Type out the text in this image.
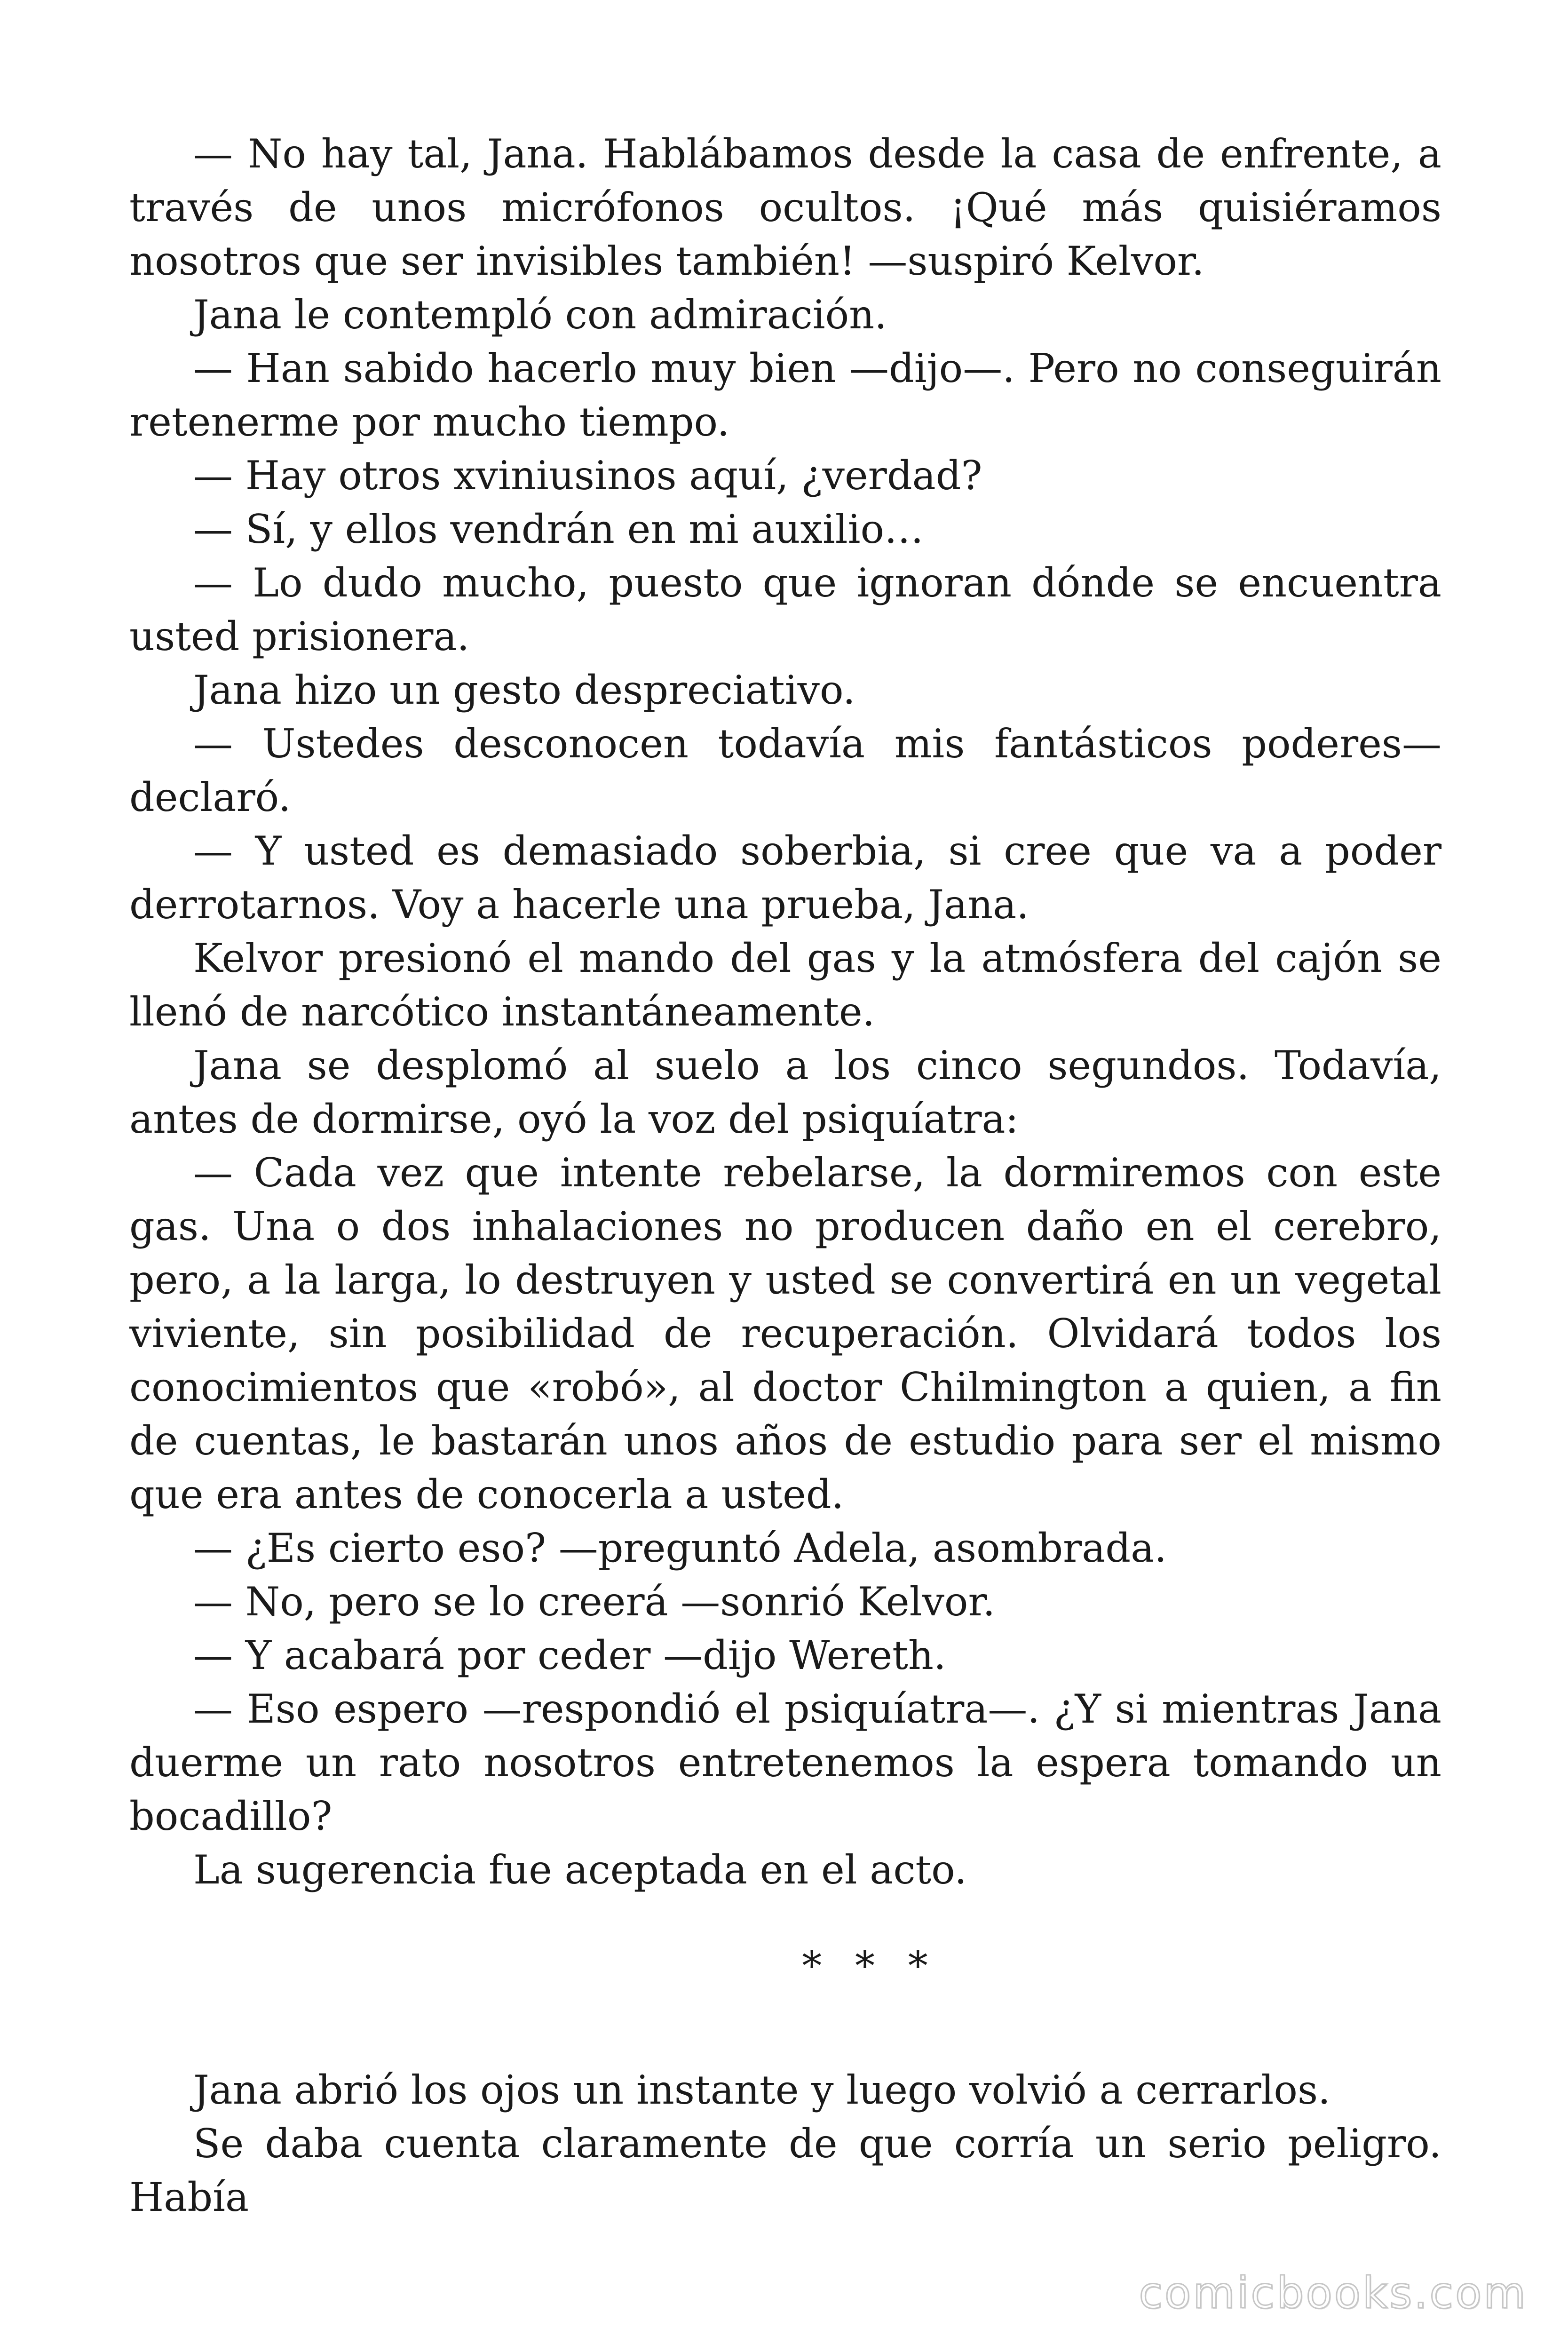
— No hay tal, Jana. Hablábamos desde la casa de enfrente, a través de unos micrófonos ocultos. ¡Qué más quisiéramos nosotros que ser invisibles también! —suspiró Kelvor.

Jana le contempló con admiración.

— Han sabido hacerlo muy bien —dijo—. Pero no conseguirán retenerme por mucho tiempo.

— Hay otros xviniusinos aquí, ¿verdad?

— Sí, y ellos vendrán en mi auxilio…

— Lo dudo mucho, puesto que ignoran dónde se encuentra usted prisionera.

Jana hizo un gesto despreciativo.

— Ustedes desconocen todavía mis fantásticos poderes— declaró.

— Y usted es demasiado soberbia, si cree que va a poder derrotarnos. Voy a hacerle una prueba, Jana.

Kelvor presionó el mando del gas y la atmósfera del cajón se llenó de narcótico instantáneamente.

Jana se desplomó al suelo a los cinco segundos. Todavía, antes de dormirse, oyó la voz del psiquíatra:

— Cada vez que intente rebelarse, la dormiremos con este gas. Una o dos inhalaciones no producen daño en el cerebro, pero, a la larga, lo destruyen y usted se convertirá en un vegetal viviente, sin posibilidad de recuperación. Olvidará todos los conocimientos que «robó», al doctor Chilmington a quien, a fin de cuentas, le bastarán unos años de estudio para ser el mismo que era antes de conocerla a usted.

— ¿Es cierto eso? —preguntó Adela, asombrada.

— No, pero se lo creerá —sonrió Kelvor.

— Y acabará por ceder —dijo Wereth.

— Eso espero —respondió el psiquíatra—. ¿Y si mientras Jana duerme un rato nosotros entretenemos la espera tomando un bocadillo?

La sugerencia fue aceptada en el acto.

* * *

Jana abrió los ojos un instante y luego volvió a cerrarlos.

Se daba cuenta claramente de que corría un serio peligro. Había

comicbooks.com
